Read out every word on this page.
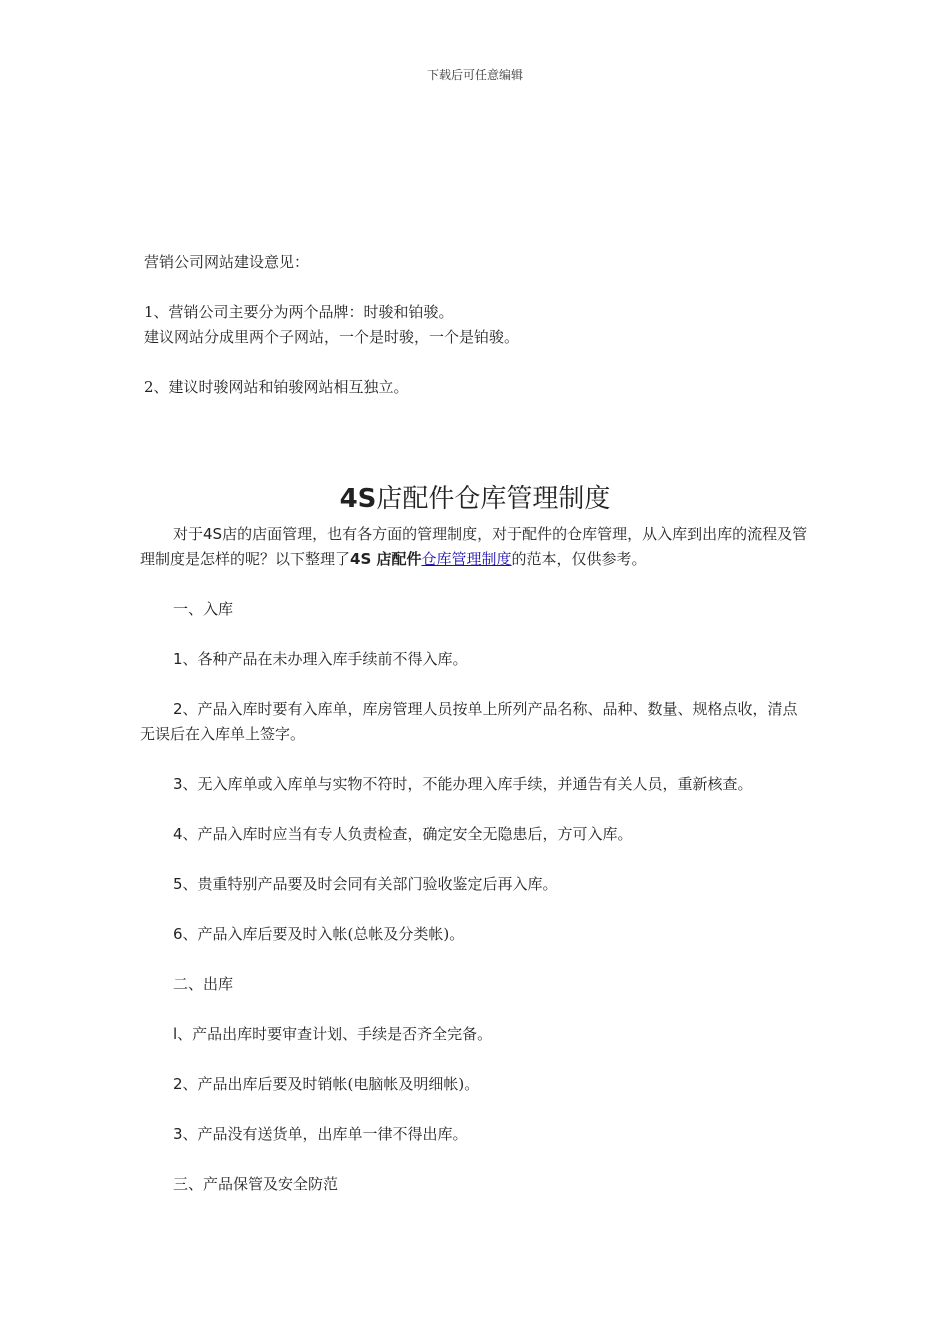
下载后可任意编辑

营销公司网站建设意见：

1、营销公司主要分为两个品牌：时骏和铂骏。

建议网站分成里两个子网站，一个是时骏，一个是铂骏。

2、建议时骏网站和铂骏网站相互独立。

4S店配件仓库管理制度

对于4S店的店面管理，也有各方面的管理制度，对于配件的仓库管理，从入库到出库的流程及管理制度是怎样的呢？以下整理了4S 店配件仓库管理制度的范本，仅供参考。

一、入库

1、各种产品在未办理入库手续前不得入库。

2、产品入库时要有入库单，库房管理人员按单上所列产品名称、品种、数量、规格点收，清点无误后在入库单上签字。

3、无入库单或入库单与实物不符时，不能办理入库手续，并通告有关人员，重新核查。

4、产品入库时应当有专人负责检查，确定安全无隐患后，方可入库。

5、贵重特别产品要及时会同有关部门验收鉴定后再入库。

6、产品入库后要及时入帐(总帐及分类帐)。

二、出库

l、产品出库时要审查计划、手续是否齐全完备。

2、产品出库后要及时销帐(电脑帐及明细帐)。

3、产品没有送货单，出库单一律不得出库。

三、产品保管及安全防范
